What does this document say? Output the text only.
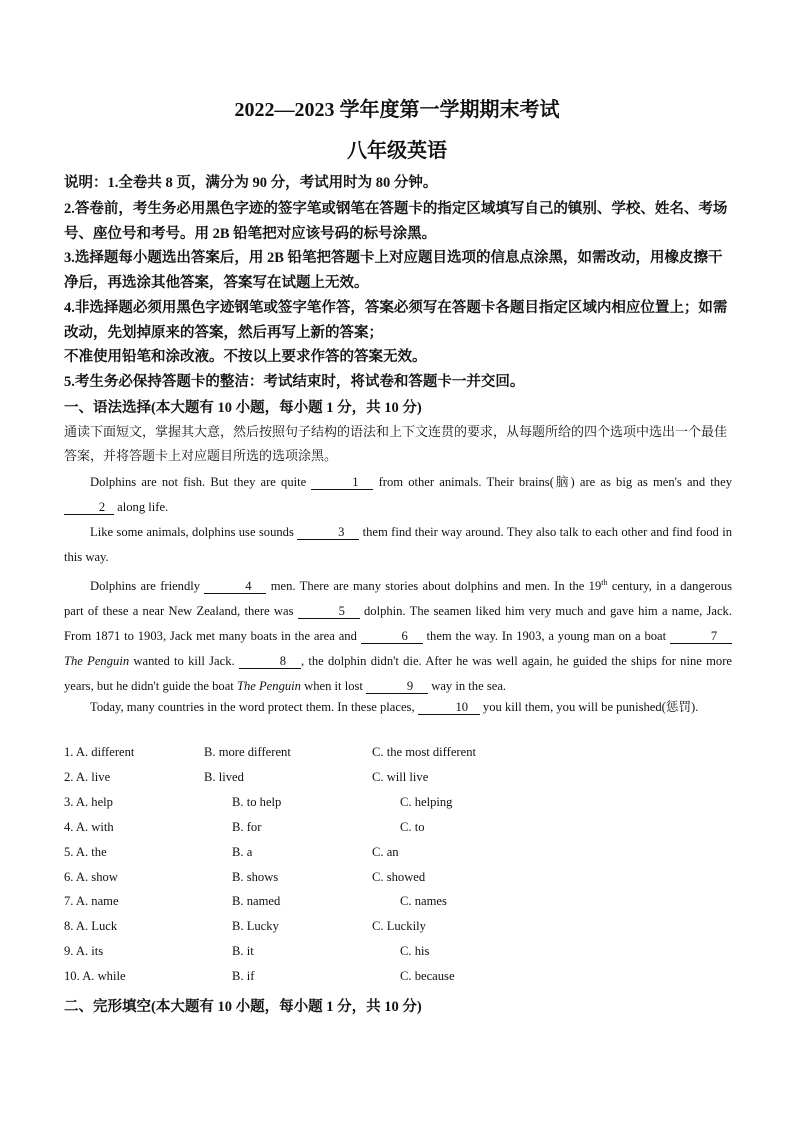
2022—2023 学年度第一学期期末考试
八年级英语
说明：1.全卷共 8 页，满分为 90 分，考试用时为 80 分钟。
2.答卷前，考生务必用黑色字迹的签字笔或钢笔在答题卡的指定区域填写自己的镇别、学校、姓名、考场号、座位号和考号。用 2B 铅笔把对应该号码的标号涂黑。
3.选择题每小题选出答案后，用 2B 铅笔把答题卡上对应题目选项的信息点涂黑，如需改动，用橡皮擦干净后，再选涂其他答案，答案写在试题上无效。
4.非选择题必须用黑色字迹钢笔或签字笔作答，答案必须写在答题卡各题目指定区域内相应位置上；如需改动，先划掉原来的答案，然后再写上新的答案；
不准使用铅笔和涂改液。不按以上要求作答的答案无效。
5.考生务必保持答题卡的整洁：考试结束时，将试卷和答题卡一并交回。
一、语法选择(本大题有 10 小题，每小题 1 分，共 10 分)
通读下面短文，掌握其大意，然后按照句子结构的语法和上下文连贯的要求，从每题所给的四个选项中选出一个最佳答案，并将答题卡上对应题目所选的选项涂黑。
Dolphins are not fish. But they are quite	1 from other animals. Their brains(脑) are as big as men's and they 2 along life.
Like some animals, dolphins use sounds	3 them find their way around. They also talk to each other and find food in this way.
Dolphins are friendly	4 men. There are many stories about dolphins and men. In the 19th century, in a dangerous part of these a near New Zealand, there was	5 dolphin. The seamen liked him very much and gave him a name, Jack. From 1871 to 1903, Jack met many boats in the area and	6 them the way. In 1903, a young man on a boat	7 The Penguin wanted to kill Jack.	8 , the dolphin didn't die. After he was well again, he guided the ships for nine more years, but he didn't guide the boat The Penguin when it lost	9 way in the sea.
Today, many countries in the word protect them. In these places,	10 you kill them, you will be punished(惩罚).
1. A. different	B. more different	C. the most different
2. A. live	B. lived	C. will live
3. A. help	B. to help	C. helping
4. A. with	B. for	C. to
5. A. the	B. a	C. an
6. A. show	B. shows	C. showed
7. A. name	B. named	C. names
8. A. Luck	B. Lucky	C. Luckily
9. A. its	B. it	C. his
10. A. while	B. if	C. because
二、完形填空(本大题有 10 小题，每小题 1 分，共 10 分)
